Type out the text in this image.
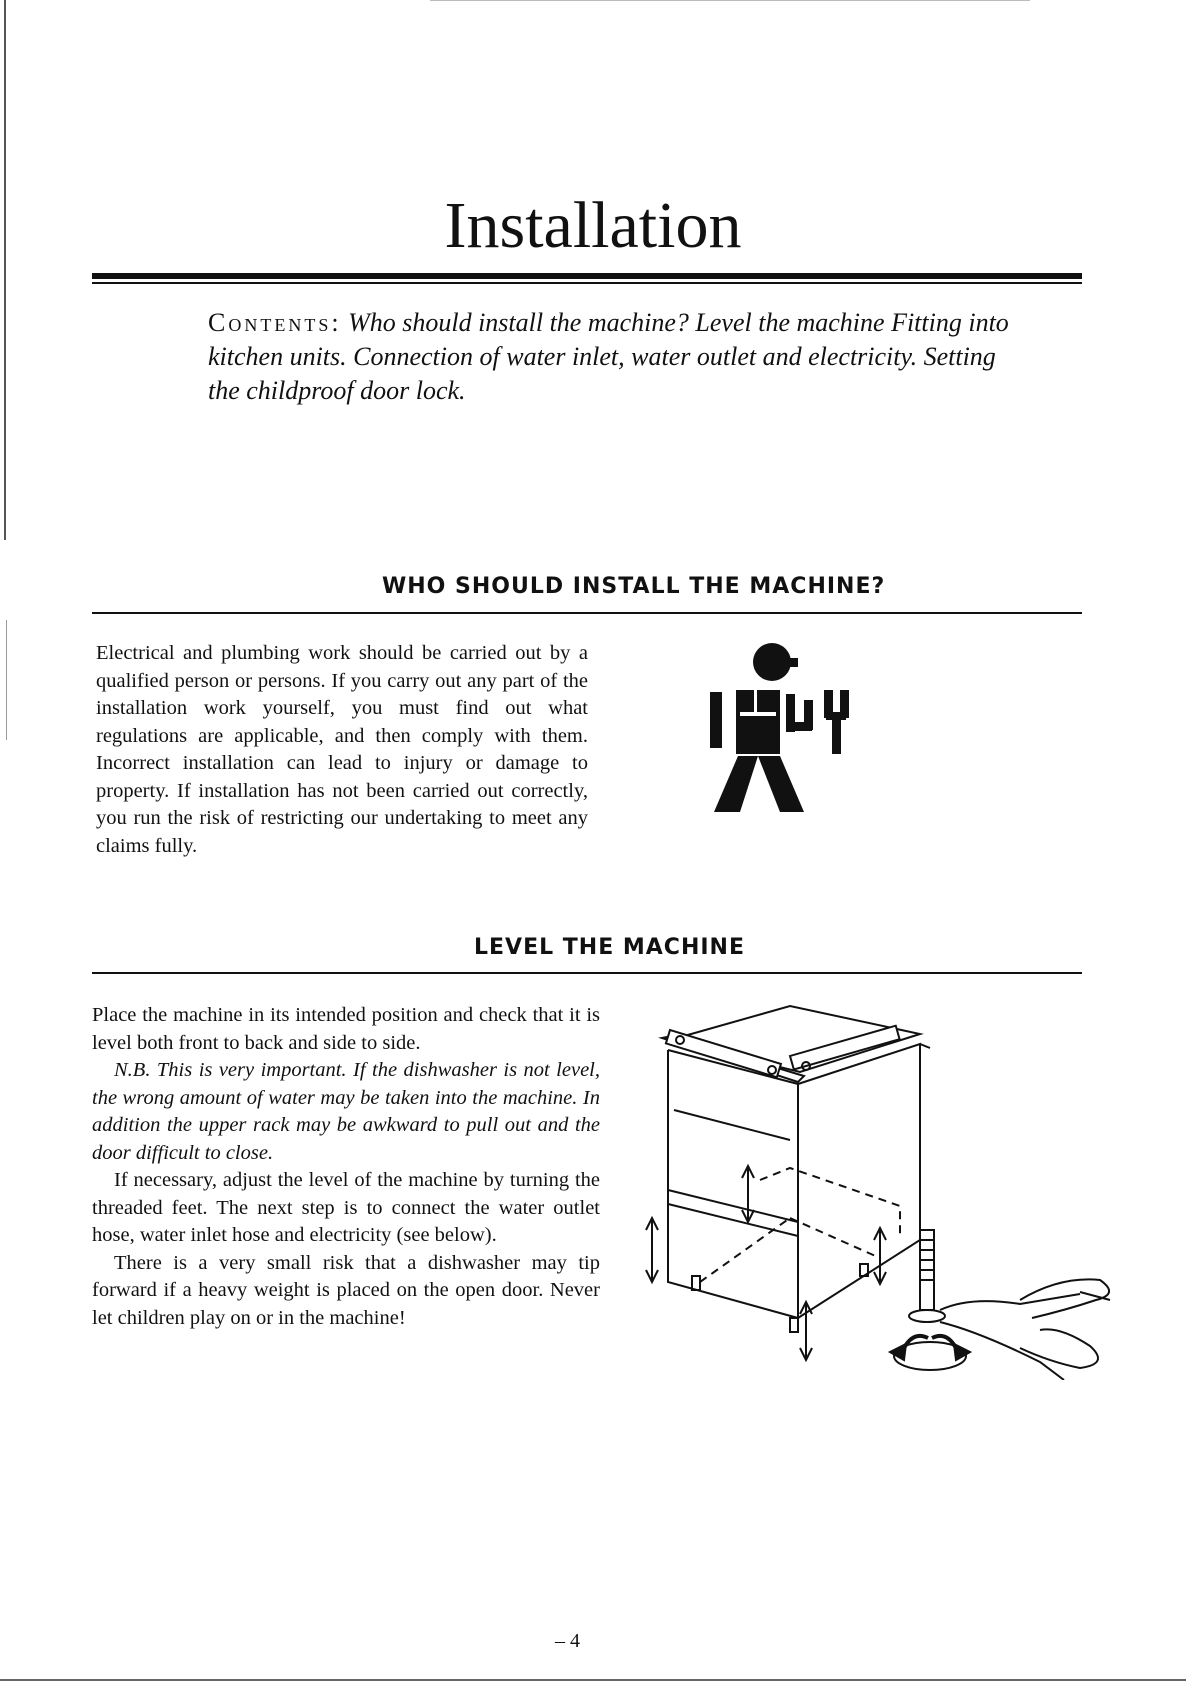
Installation

Contents: Who should install the machine? Level the machine Fitting into kitchen units. Connection of water inlet, water outlet and electricity. Setting the childproof door lock.

WHO SHOULD INSTALL THE MACHINE?

Electrical and plumbing work should be carried out by a qualified person or persons. If you carry out any part of the installation work yourself, you must find out what regulations are applicable, and then comply with them. Incorrect installation can lead to injury or damage to property. If installation has not been carried out correctly, you run the risk of restricting our undertaking to meet any claims fully.

LEVEL THE MACHINE

Place the machine in its intended position and check that it is level both front to back and side to side.

N.B. This is very important. If the dishwasher is not level, the wrong amount of water may be taken into the machine. In addition the upper rack may be awkward to pull out and the door difficult to close.

If necessary, adjust the level of the machine by turning the threaded feet. The next step is to connect the water outlet hose, water inlet hose and electricity (see below).

There is a very small risk that a dishwasher may tip forward if a heavy weight is placed on the open door. Never let children play on or in the machine!

– 4
